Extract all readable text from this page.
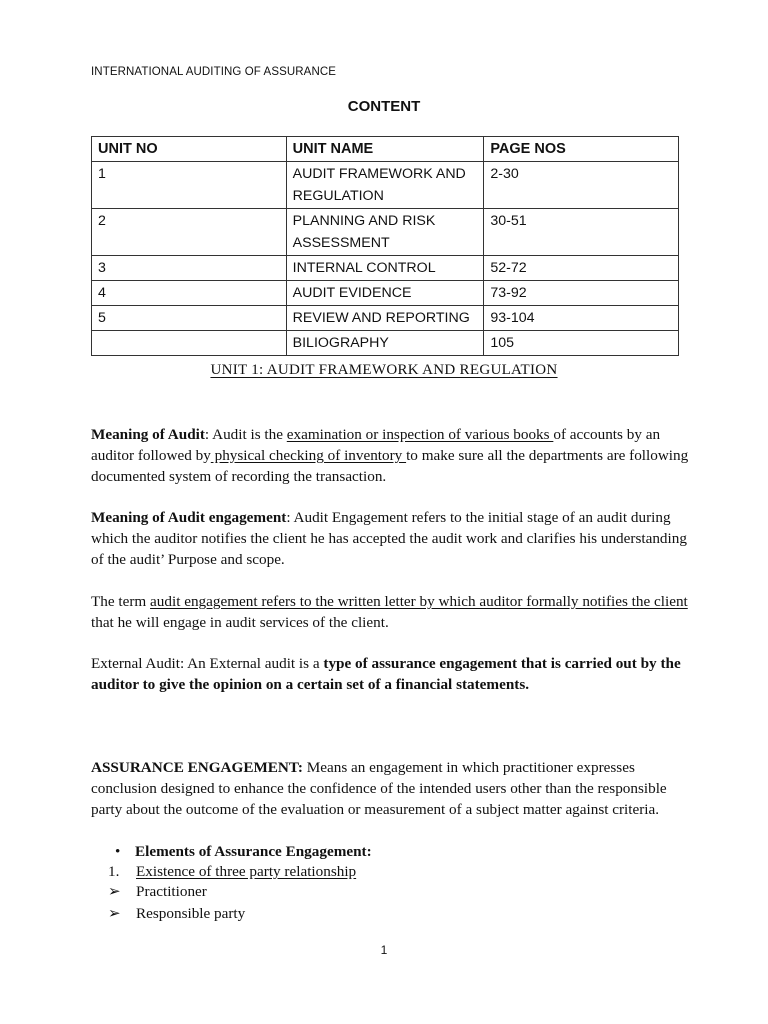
INTERNATIONAL AUDITING OF ASSURANCE
CONTENT
UNIT NO	UNIT NAME	PAGE NOS
1	AUDIT FRAMEWORK AND REGULATION	2-30
2	PLANNING AND RISK ASSESSMENT	30-51
3	INTERNAL CONTROL	52-72
4	AUDIT EVIDENCE	73-92
5	REVIEW AND REPORTING	93-104
	BILIOGRAPHY	105
UNIT 1: AUDIT FRAMEWORK AND REGULATION
Meaning of Audit: Audit is the examination or inspection of various books of accounts by an auditor followed by physical checking of inventory to make sure all the departments are following documented system of recording the transaction.
Meaning of Audit engagement: Audit Engagement refers to the initial stage of an audit during which the auditor notifies the client he has accepted the audit work and clarifies his understanding of the audit’ Purpose and scope.
The term audit engagement refers to the written letter by which auditor formally notifies the client that he will engage in audit services of the client.
External Audit: An External audit is a type of assurance engagement that is carried out by the auditor to give the opinion on a certain set of a financial statements.
ASSURANCE ENGAGEMENT: Means an engagement in which practitioner expresses conclusion designed to enhance the confidence of the intended users other than the responsible party about the outcome of the evaluation or measurement of a subject matter against criteria.
• Elements of Assurance Engagement:
1. Existence of three party relationship
➢ Practitioner
➢ Responsible party
1
